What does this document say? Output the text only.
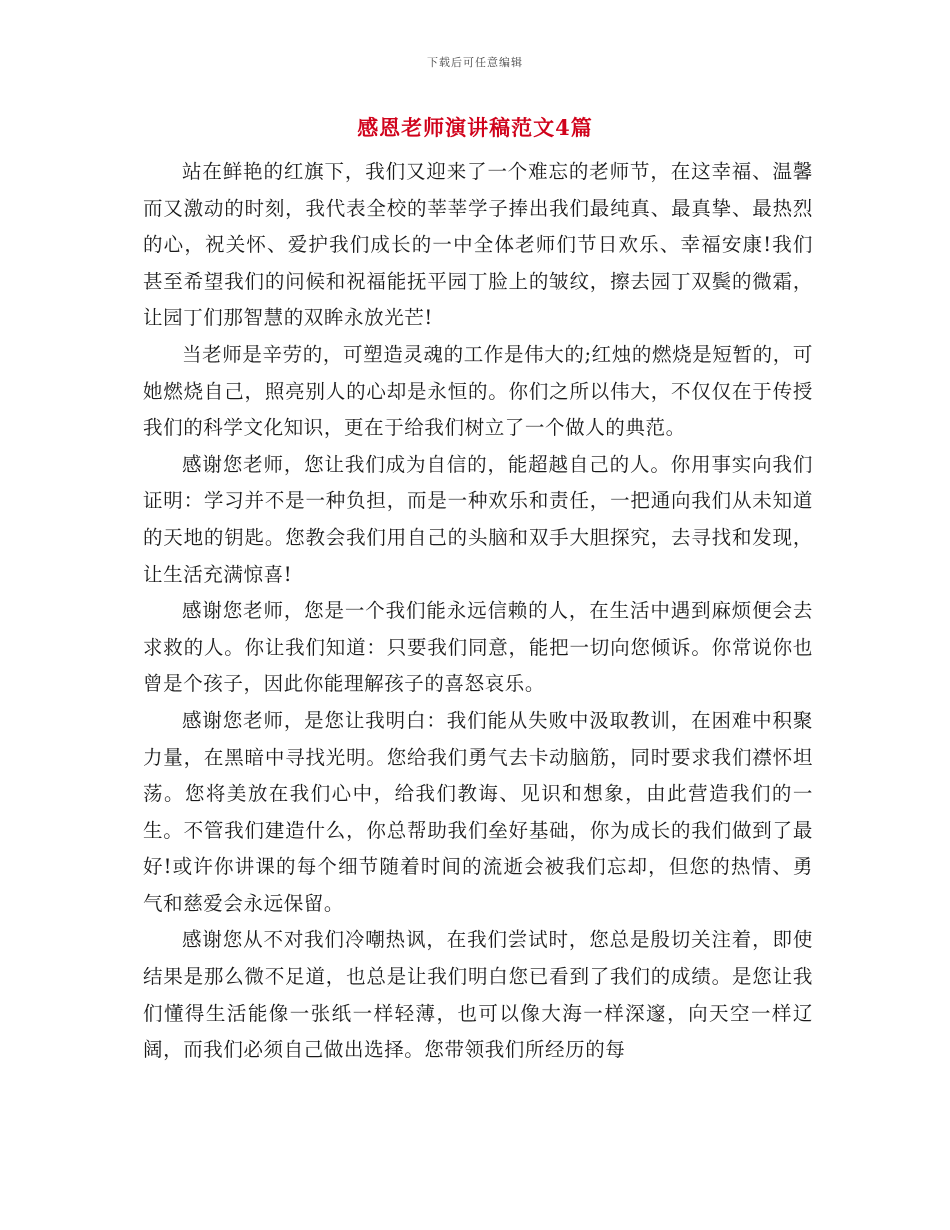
下载后可任意编辑
感恩老师演讲稿范文4篇

站在鲜艳的红旗下，我们又迎来了一个难忘的老师节，在这幸福、温馨而又激动的时刻，我代表全校的莘莘学子捧出我们最纯真、最真挚、最热烈的心，祝关怀、爱护我们成长的一中全体老师们节日欢乐、幸福安康!我们甚至希望我们的问候和祝福能抚平园丁脸上的皱纹，擦去园丁双鬓的微霜，让园丁们那智慧的双眸永放光芒!

当老师是辛劳的，可塑造灵魂的工作是伟大的;红烛的燃烧是短暂的，可她燃烧自己，照亮别人的心却是永恒的。你们之所以伟大，不仅仅在于传授我们的科学文化知识，更在于给我们树立了一个做人的典范。

感谢您老师，您让我们成为自信的，能超越自己的人。你用事实向我们证明：学习并不是一种负担，而是一种欢乐和责任，一把通向我们从未知道的天地的钥匙。您教会我们用自己的头脑和双手大胆探究，去寻找和发现，让生活充满惊喜!

感谢您老师，您是一个我们能永远信赖的人，在生活中遇到麻烦便会去求救的人。你让我们知道：只要我们同意，能把一切向您倾诉。你常说你也曾是个孩子，因此你能理解孩子的喜怒哀乐。

感谢您老师，是您让我明白：我们能从失败中汲取教训，在困难中积聚力量，在黑暗中寻找光明。您给我们勇气去卡动脑筋，同时要求我们襟怀坦荡。您将美放在我们心中，给我们教诲、见识和想象，由此营造我们的一生。不管我们建造什么，你总帮助我们垒好基础，你为成长的我们做到了最好!或许你讲课的每个细节随着时间的流逝会被我们忘却，但您的热情、勇气和慈爱会永远保留。

感谢您从不对我们冷嘲热讽，在我们尝试时，您总是殷切关注着，即使结果是那么微不足道，也总是让我们明白您已看到了我们的成绩。是您让我们懂得生活能像一张纸一样轻薄，也可以像大海一样深邃，向天空一样辽阔，而我们必须自己做出选择。您带领我们所经历的每
